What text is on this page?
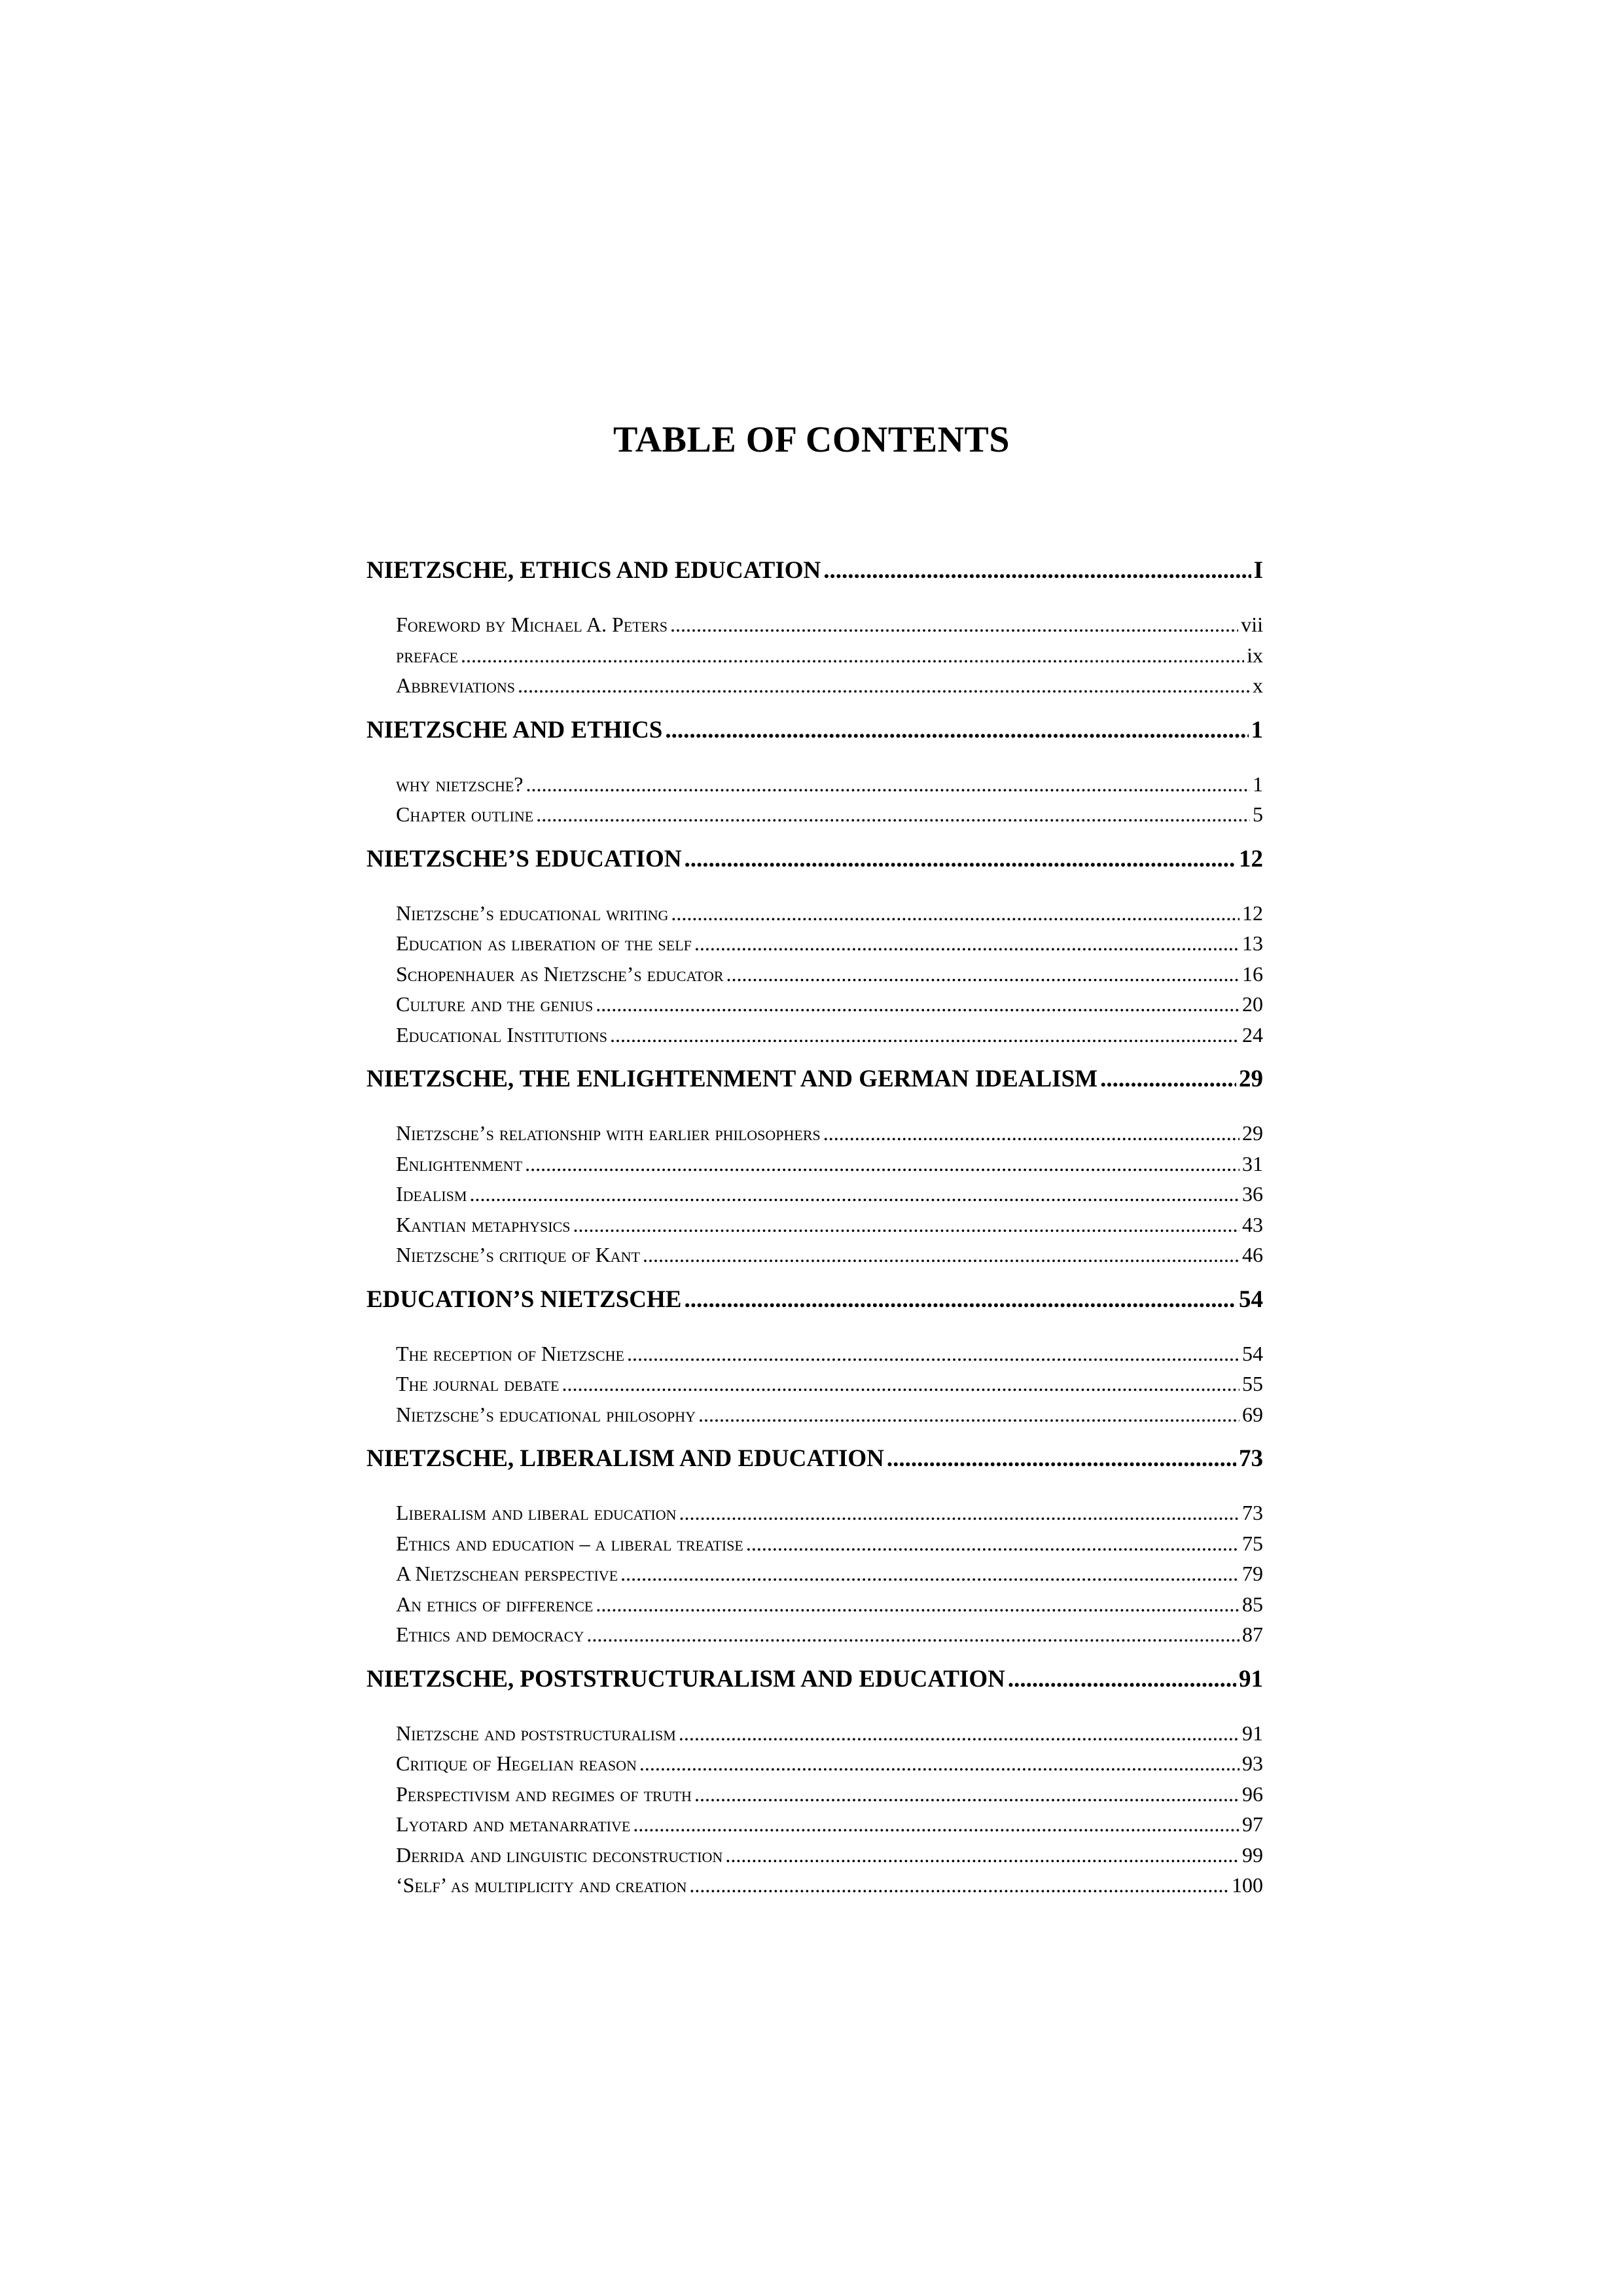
TABLE OF CONTENTS
NIETZSCHE, ETHICS AND EDUCATION .....	I
Foreword by Michael A. Peters .....	vii
preface .....	ix
Abbreviations .....	x
NIETZSCHE AND ETHICS .....	1
why nietzsche? .....	1
Chapter outline .....	5
NIETZSCHE’S EDUCATION .....	12
Nietzsche’s educational writing .....	12
Education as liberation of the self .....	13
Schopenhauer as Nietzsche’s educator .....	16
Culture and the genius .....	20
Educational Institutions .....	24
NIETZSCHE, THE ENLIGHTENMENT AND GERMAN IDEALISM .....	29
Nietzsche’s relationship with earlier philosophers .....	29
Enlightenment .....	31
Idealism .....	36
Kantian metaphysics .....	43
Nietzsche’s critique of Kant .....	46
EDUCATION’S NIETZSCHE .....	54
The reception of Nietzsche .....	54
The journal debate .....	55
Nietzsche’s educational philosophy .....	69
NIETZSCHE, LIBERALISM AND EDUCATION .....	73
Liberalism and liberal education .....	73
Ethics and education – a liberal treatise .....	75
A Nietzschean perspective .....	79
An ethics of difference .....	85
Ethics and democracy .....	87
NIETZSCHE, POSTSTRUCTURALISM AND EDUCATION .....	91
Nietzsche and poststructuralism .....	91
Critique of Hegelian reason .....	93
Perspectivism and regimes of truth .....	96
Lyotard and metanarrative .....	97
Derrida and linguistic deconstruction .....	99
‘Self’ as multiplicity and creation .....	100
